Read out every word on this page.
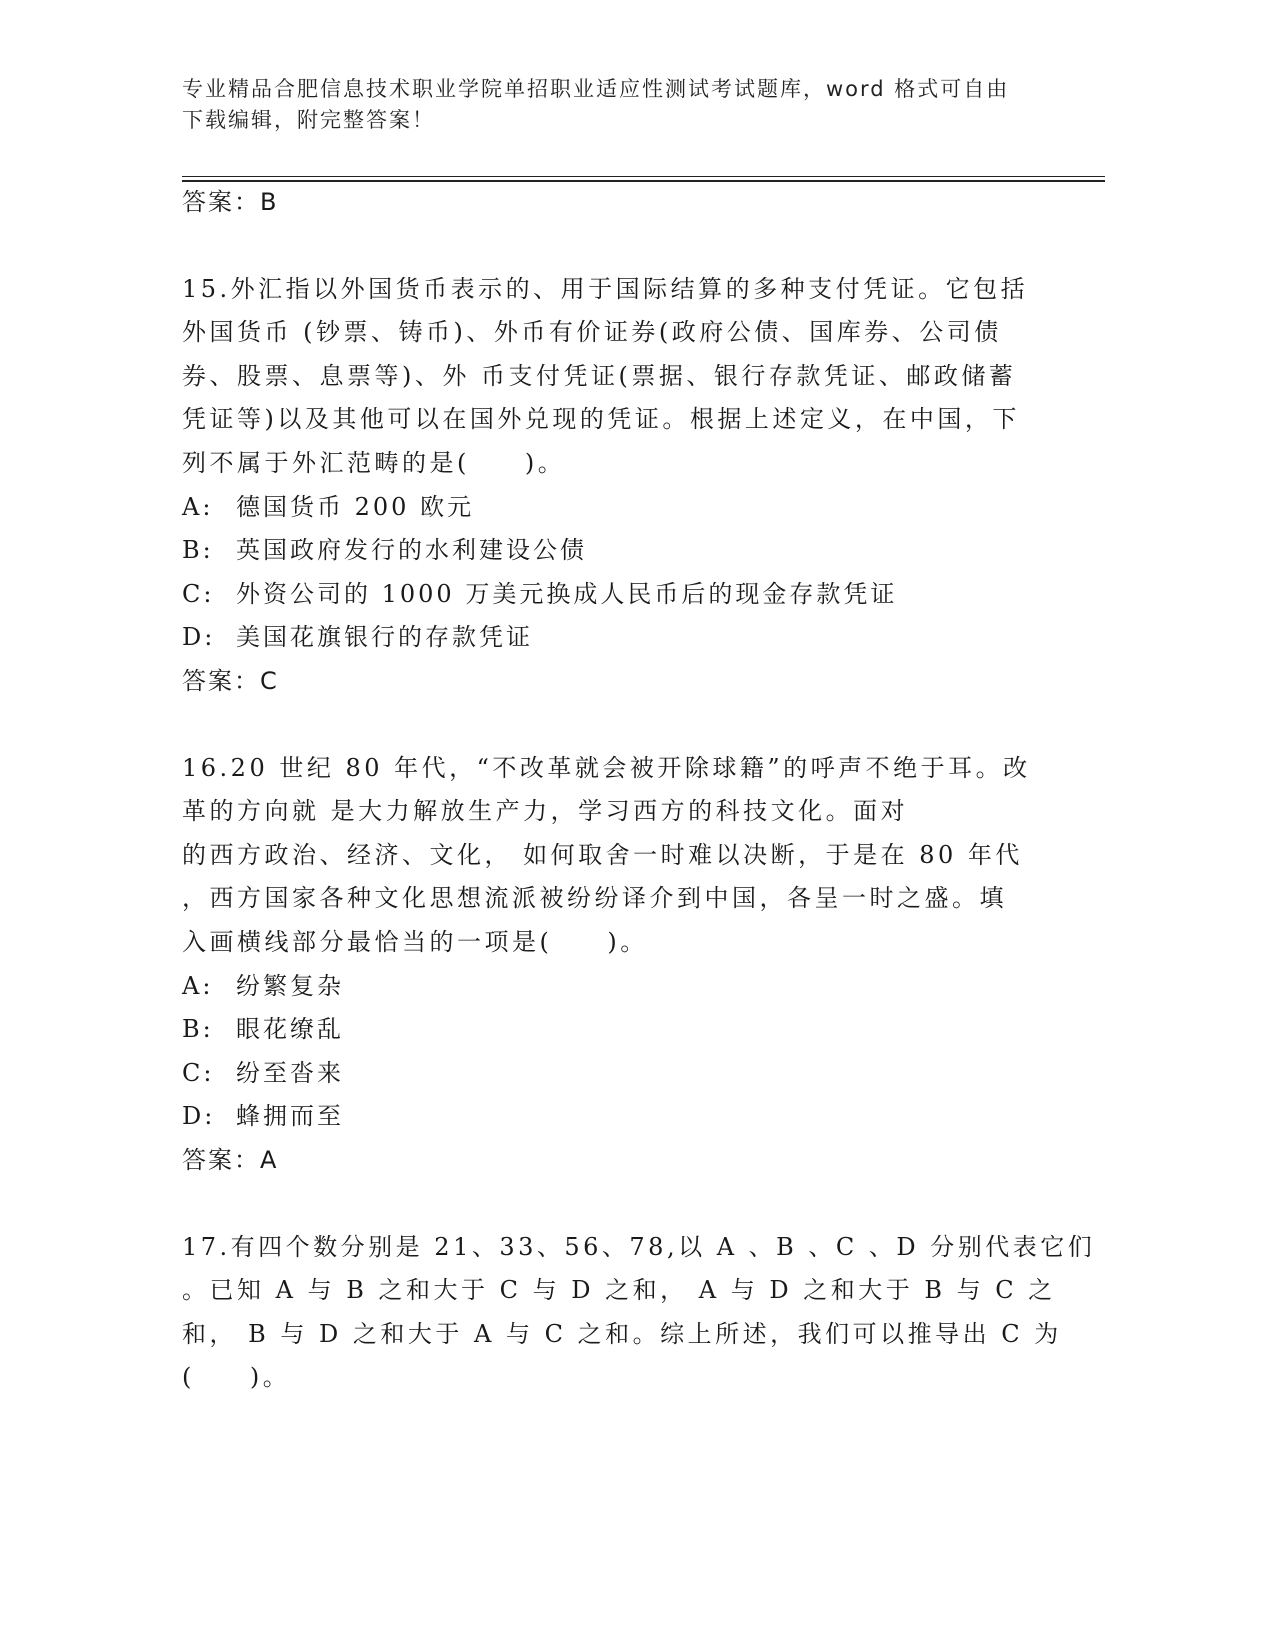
专业精品合肥信息技术职业学院单招职业适应性测试考试题库，word 格式可自由
下载编辑，附完整答案！
答案：B
15.外汇指以外国货币表示的、用于国际结算的多种支付凭证。它包括
外国货币 (钞票、铸币)、外币有价证券(政府公债、国库券、公司债
券、股票、息票等)、外 币支付凭证(票据、银行存款凭证、邮政储蓄
凭证等)以及其他可以在国外兑现的凭证。根据上述定义，在中国，下
列不属于外汇范畴的是(　　)。
A: 德国货币 200 欧元
B: 英国政府发行的水利建设公债
C: 外资公司的 1000 万美元换成人民币后的现金存款凭证
D: 美国花旗银行的存款凭证
答案：C
16.20 世纪 80 年代，“不改革就会被开除球籍”的呼声不绝于耳。改
革的方向就 是大力解放生产力，学习西方的科技文化。面对
的西方政治、经济、文化， 如何取舍一时难以决断，于是在 80 年代
，西方国家各种文化思想流派被纷纷译介到中国，各呈一时之盛。填
入画横线部分最恰当的一项是(　　)。
A: 纷繁复杂
B: 眼花缭乱
C: 纷至沓来
D: 蜂拥而至
答案：A
17.有四个数分别是 21、33、56、78,以 A 、B 、C 、D 分别代表它们
。已知 A 与 B 之和大于 C 与 D 之和， A 与 D 之和大于 B 与 C 之
和， B 与 D 之和大于 A 与 C 之和。综上所述，我们可以推导出 C 为
(　　)。
